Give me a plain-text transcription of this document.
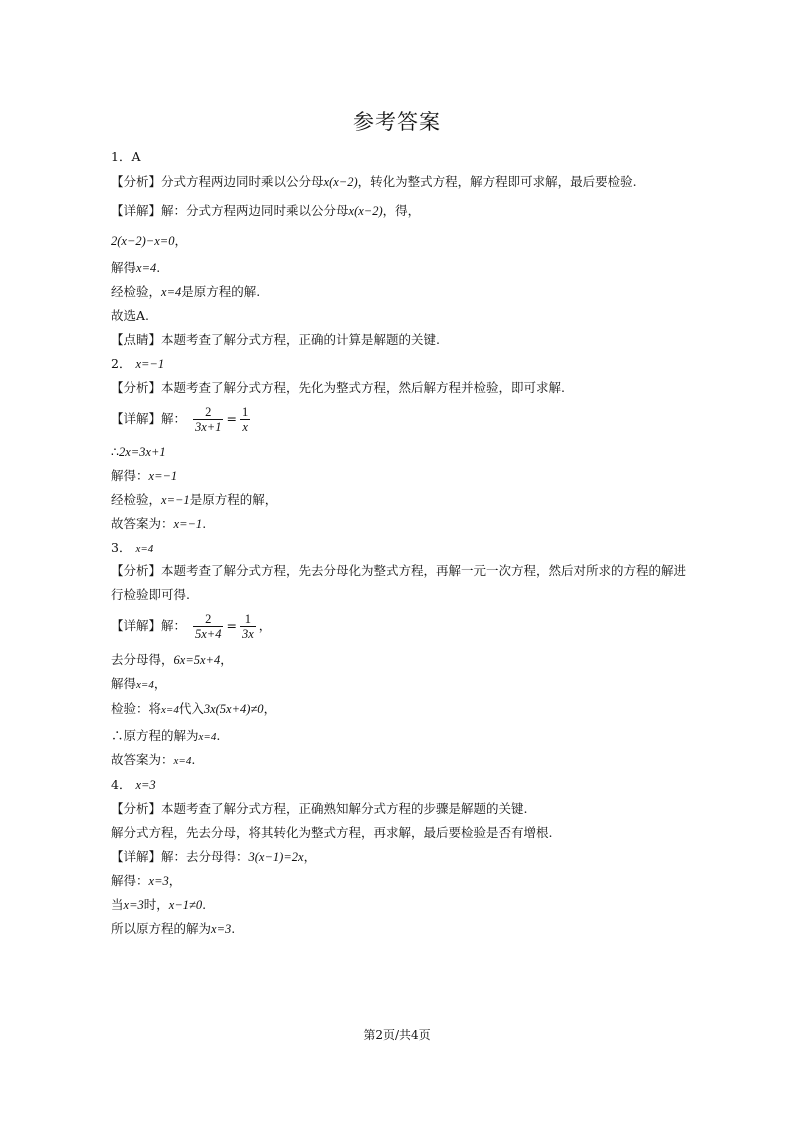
参考答案
1．A
【分析】分式方程两边同时乘以公分母x(x−2)，转化为整式方程，解方程即可求解，最后要检验.
【详解】解：分式方程两边同时乘以公分母x(x−2)，得，
2(x−2)−x=0，
解得x=4.
经检验，x=4是原方程的解.
故选A.
【点睛】本题考查了解分式方程，正确的计算是解题的关键.
2． x=−1
【分析】本题考查了解分式方程，先化为整式方程，然后解方程并检验，即可求解.
【详解】解： $\frac{2}{3x+1} = \frac{1}{x}$
∴2x=3x+1
解得：x=−1
经检验，x=−1是原方程的解，
故答案为：x=−1.
3． x=4
【分析】本题考查了解分式方程，先去分母化为整式方程，再解一元一次方程，然后对所求的方程的解进
行检验即可得.
【详解】解： $\frac{2}{5x+4} = \frac{1}{3x}$ ，
去分母得，6x=5x+4，
解得x=4，
检验：将x=4代入3x(5x+4)≠0，
∴原方程的解为x=4.
故答案为：x=4.
4． x=3
【分析】本题考查了解分式方程，正确熟知解分式方程的步骤是解题的关键.
解分式方程，先去分母，将其转化为整式方程，再求解，最后要检验是否有增根.
【详解】解：去分母得：3(x−1)=2x，
解得：x=3，
当x=3时，x−1≠0.
所以原方程的解为x=3.
第2页/共4页
